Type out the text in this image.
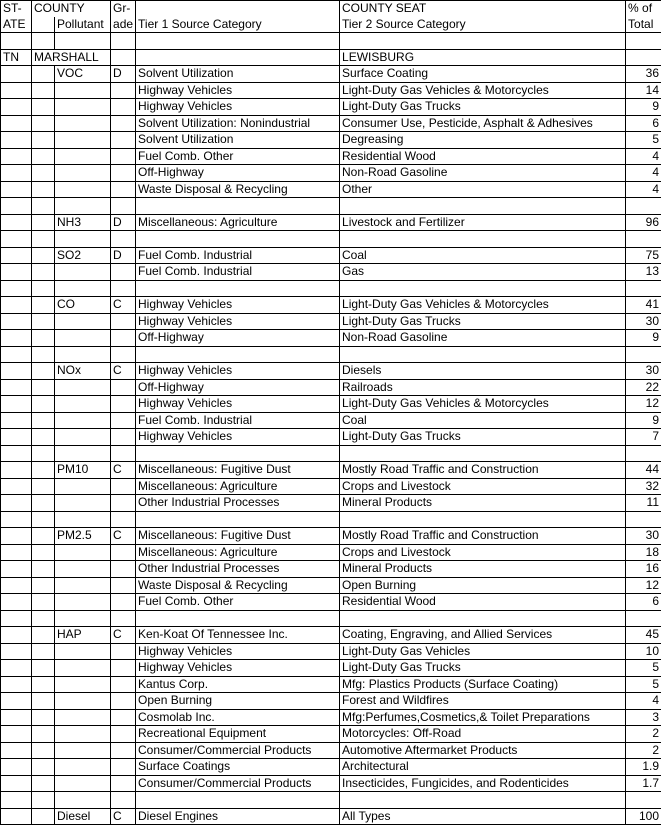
ST-	COUNTY		Gr-		COUNTY SEAT	% of
ATE		Pollutant	ade	Tier 1 Source Category	Tier 2 Source Category	Total

TN	MARSHALL				LEWISBURG	
		VOC	D	Solvent Utilization	Surface Coating	36
				Highway Vehicles	Light-Duty Gas Vehicles & Motorcycles	14
				Highway Vehicles	Light-Duty Gas Trucks	9
				Solvent Utilization: Nonindustrial	Consumer Use, Pesticide, Asphalt & Adhesives	6
				Solvent Utilization	Degreasing	5
				Fuel Comb. Other	Residential Wood	4
				Off-Highway	Non-Road Gasoline	4
				Waste Disposal & Recycling	Other	4

		NH3	D	Miscellaneous: Agriculture	Livestock and Fertilizer	96

		SO2	D	Fuel Comb. Industrial	Coal	75
				Fuel Comb. Industrial	Gas	13

		CO	C	Highway Vehicles	Light-Duty Gas Vehicles & Motorcycles	41
				Highway Vehicles	Light-Duty Gas Trucks	30
				Off-Highway	Non-Road Gasoline	9

		NOx	C	Highway Vehicles	Diesels	30
				Off-Highway	Railroads	22
				Highway Vehicles	Light-Duty Gas Vehicles & Motorcycles	12
				Fuel Comb. Industrial	Coal	9
				Highway Vehicles	Light-Duty Gas Trucks	7

		PM10	C	Miscellaneous: Fugitive Dust	Mostly Road Traffic and Construction	44
				Miscellaneous: Agriculture	Crops and Livestock	32
				Other Industrial Processes	Mineral Products	11

		PM2.5	C	Miscellaneous: Fugitive Dust	Mostly Road Traffic and Construction	30
				Miscellaneous: Agriculture	Crops and Livestock	18
				Other Industrial Processes	Mineral Products	16
				Waste Disposal & Recycling	Open Burning	12
				Fuel Comb. Other	Residential Wood	6

		HAP	C	Ken-Koat Of Tennessee Inc.	Coating, Engraving, and Allied Services	45
				Highway Vehicles	Light-Duty Gas Vehicles	10
				Highway Vehicles	Light-Duty Gas Trucks	5
				Kantus Corp.	Mfg: Plastics Products (Surface Coating)	5
				Open Burning	Forest and Wildfires	4
				Cosmolab Inc.	Mfg:Perfumes,Cosmetics,& Toilet Preparations	3
				Recreational Equipment	Motorcycles: Off-Road	2
				Consumer/Commercial Products	Automotive Aftermarket Products	2
				Surface Coatings	Architectural	1.9
				Consumer/Commercial Products	Insecticides, Fungicides, and Rodenticides	1.7

		Diesel	C	Diesel Engines	All Types	100
